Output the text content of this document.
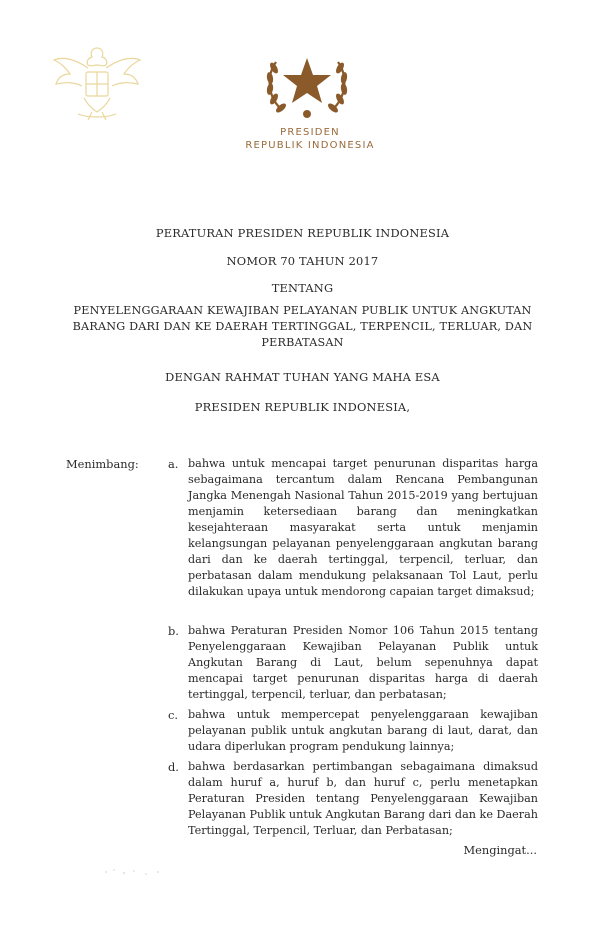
PRESIDEN
REPUBLIK INDONESIA
PERATURAN PRESIDEN REPUBLIK INDONESIA
NOMOR 70 TAHUN 2017
TENTANG
PENYELENGGARAAN KEWAJIBAN PELAYANAN PUBLIK UNTUK ANGKUTAN BARANG DARI DAN KE DAERAH TERTINGGAL, TERPENCIL, TERLUAR, DAN PERBATASAN
DENGAN RAHMAT TUHAN YANG MAHA ESA
PRESIDEN REPUBLIK INDONESIA,
Menimbang:	a. bahwa untuk mencapai target penurunan disparitas harga sebagaimana tercantum dalam Rencana Pembangunan Jangka Menengah Nasional Tahun 2015-2019 yang bertujuan menjamin ketersediaan barang dan meningkatkan kesejahteraan masyarakat serta untuk menjamin kelangsungan pelayanan penyelenggaraan angkutan barang dari dan ke daerah tertinggal, terpencil, terluar, dan perbatasan dalam mendukung pelaksanaan Tol Laut, perlu dilakukan upaya untuk mendorong capaian target dimaksud;
b. bahwa Peraturan Presiden Nomor 106 Tahun 2015 tentang Penyelenggaraan Kewajiban Pelayanan Publik untuk Angkutan Barang di Laut, belum sepenuhnya dapat mencapai target penurunan disparitas harga di daerah tertinggal, terpencil, terluar, dan perbatasan;
c. bahwa untuk mempercepat penyelenggaraan kewajiban pelayanan publik untuk angkutan barang di laut, darat, dan udara diperlukan program pendukung lainnya;
d. bahwa berdasarkan pertimbangan sebagaimana dimaksud dalam huruf a, huruf b, dan huruf c, perlu menetapkan Peraturan Presiden tentang Penyelenggaraan Kewajiban Pelayanan Publik untuk Angkutan Barang dari dan ke Daerah Tertinggal, Terpencil, Terluar, dan Perbatasan;
Mengingat...
